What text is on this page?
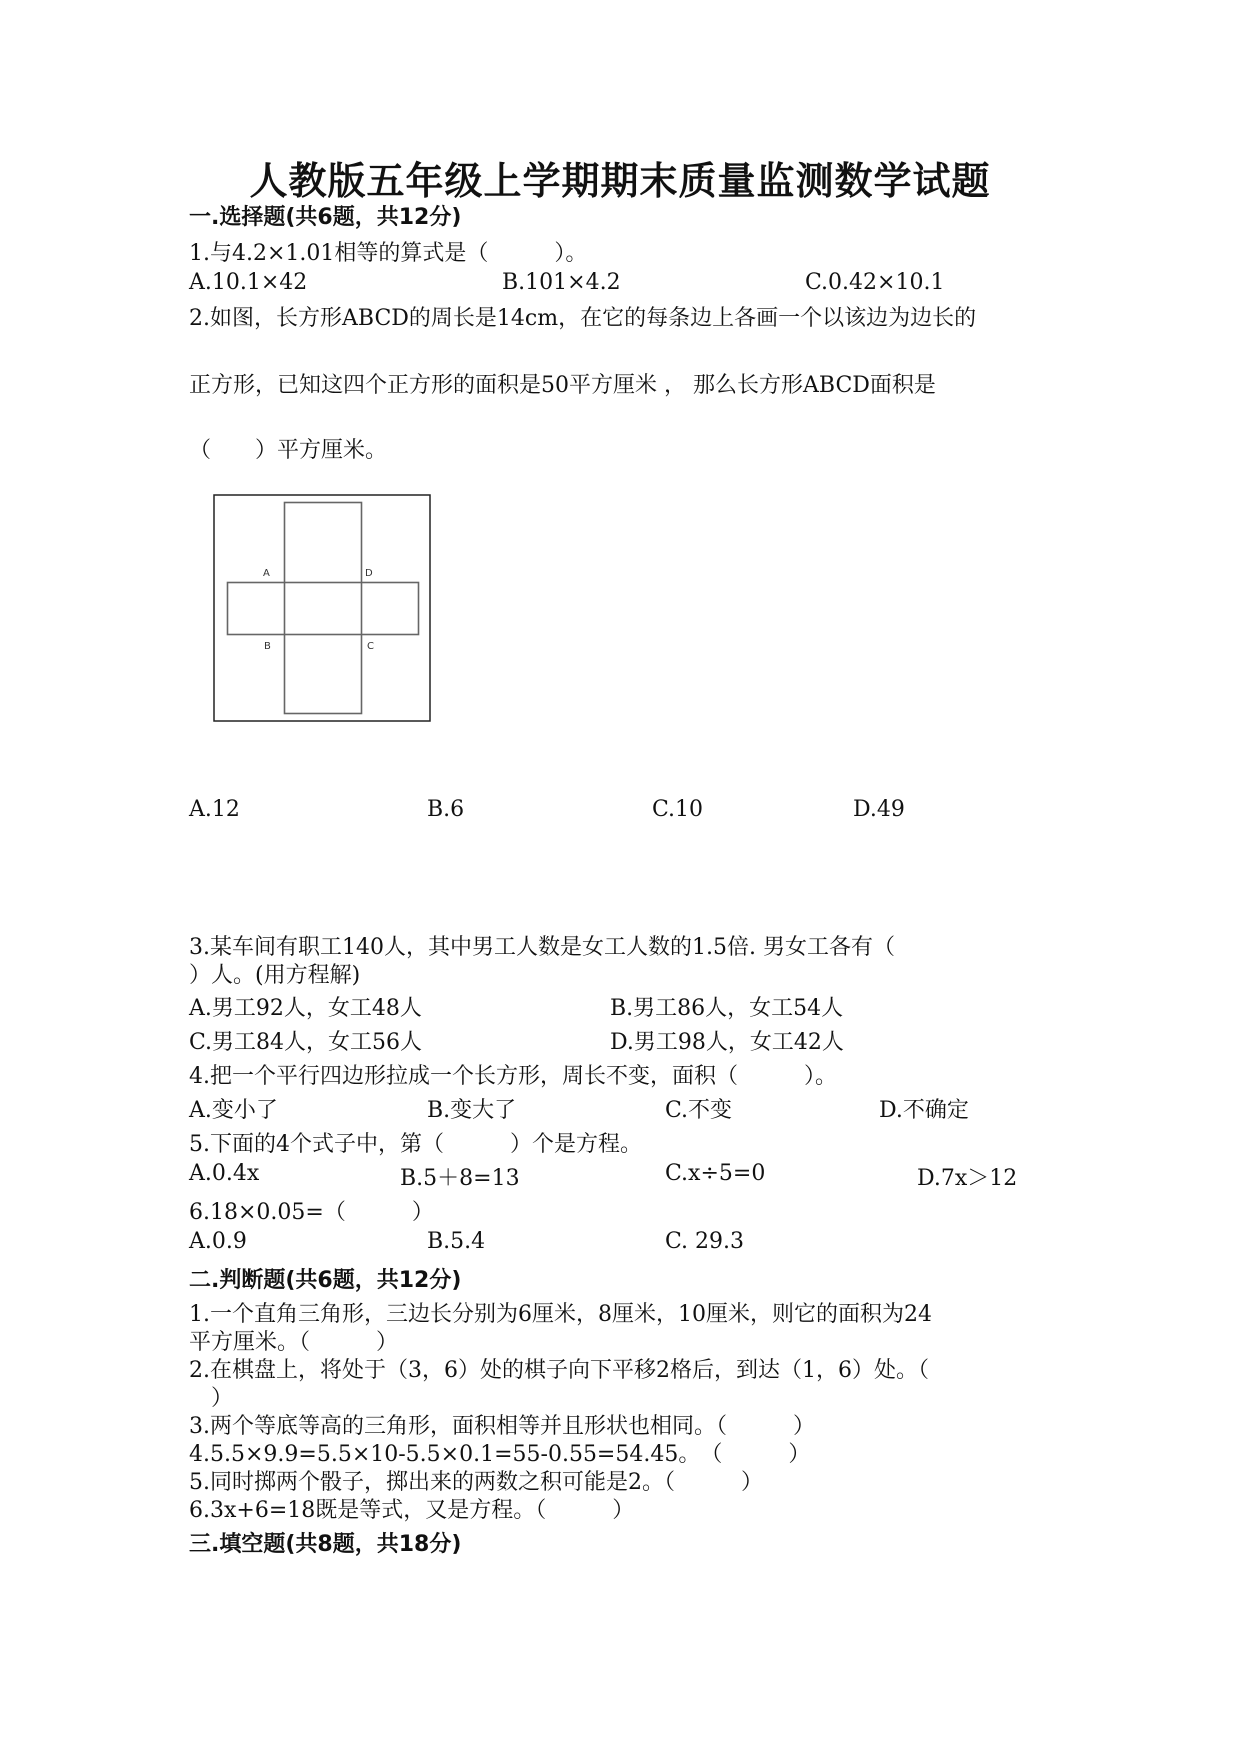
人教版五年级上学期期末质量监测数学试题
一.选择题(共6题，共12分)
1.与4.2×1.01相等的算式是（　　　）。
A.10.1×42	B.101×4.2	C.0.42×10.1
2.如图，长方形ABCD的周长是14cm，在它的每条边上各画一个以该边为边长的
正方形，已知这四个正方形的面积是50平方厘米 ， 那么长方形ABCD面积是
（　　）平方厘米。
A	D
B	C
A.12	B.6	C.10	D.49
3.某车间有职工140人，其中男工人数是女工人数的1.5倍. 男女工各有（
）人。(用方程解)
A.男工92人，女工48人	B.男工86人，女工54人
C.男工84人，女工56人	D.男工98人，女工42人
4.把一个平行四边形拉成一个长方形，周长不变，面积（　　　）。
A.变小了	B.变大了	C.不变	D.不确定
5.下面的4个式子中，第（　　　）个是方程。
A.0.4x	B.5＋8=13	C.x÷5=0	D.7x＞12
6.18×0.05=（　　　）
A.0.9	B.5.4	C. 29.3
二.判断题(共6题，共12分)
1.一个直角三角形，三边长分别为6厘米，8厘米，10厘米，则它的面积为24
平方厘米。（　　　）
2.在棋盘上，将处于（3，6）处的棋子向下平移2格后，到达（1，6）处。（
　）
3.两个等底等高的三角形，面积相等并且形状也相同。（　　　）
4.5.5×9.9=5.5×10-5.5×0.1=55-0.55=54.45。　（　　　）
5.同时掷两个骰子，掷出来的两数之积可能是2。（　　　）
6.3x+6=18既是等式，又是方程。（　　　）
三.填空题(共8题，共18分)
